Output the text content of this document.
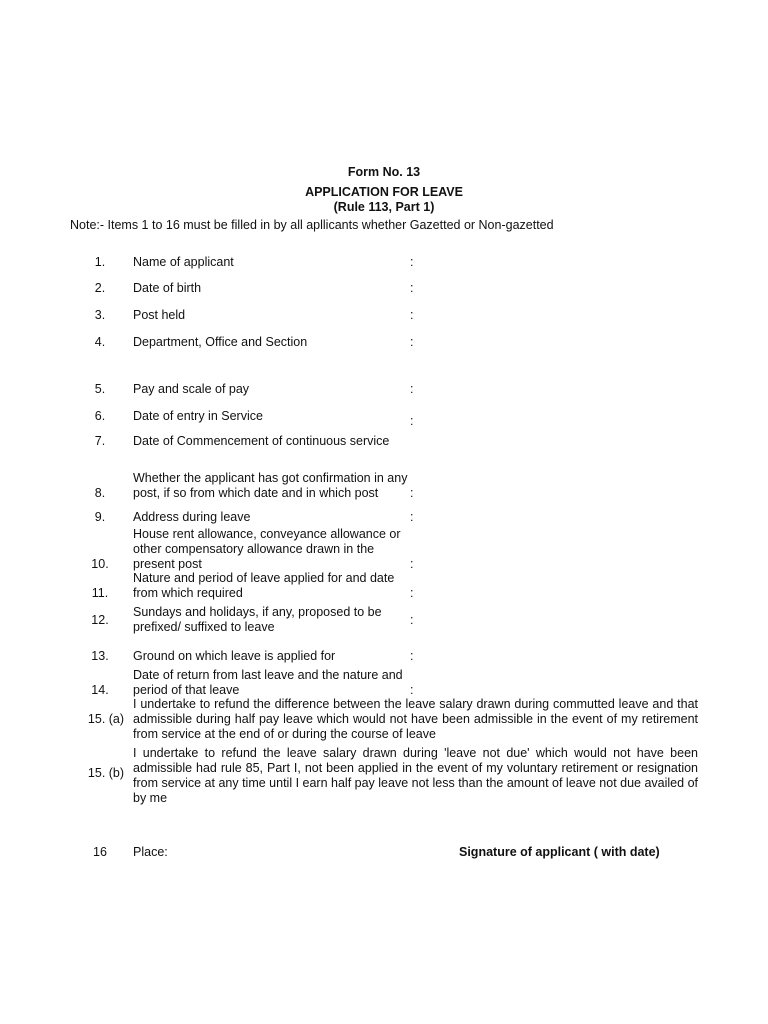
Form No. 13
APPLICATION FOR LEAVE
(Rule 113, Part 1)
Note:- Items 1 to 16 must be filled in by all apllicants whether Gazetted or Non-gazetted
1.	Name of applicant	:
2.	Date of birth	:
3.	Post held	:
4.	Department, Office and Section	:
5.	Pay and scale of pay	:
6.	Date of entry in Service	:
7.	Date of Commencement of continuous service
8.
Whether the applicant has got confirmation in any post, if so from which date and in which post	:
9.	Address during leave	:
10.
House rent allowance, conveyance allowance or other compensatory allowance drawn in the present post	:
11.
Nature and period of leave applied for and date from which required	:
12.
Sundays and holidays, if any, proposed to be prefixed/ suffixed to leave	:
13.	Ground on which leave is applied for	:
14.
Date of return from last leave and the nature and period of that leave	:
15. (a)
I undertake to refund the difference between the leave salary drawn during commutted leave and that admissible during half pay leave which would not have been admissible in the event of my retirement from service at the end of or during the course of leave
15. (b)
I undertake to refund the leave salary drawn during 'leave not due' which would not have been admissible had rule 85, Part I, not been applied in the event of my voluntary retirement or resignation from service at any time until I earn half pay leave not less than the amount of leave not due availed of by me
16	Place:	Signature of applicant ( with date)
